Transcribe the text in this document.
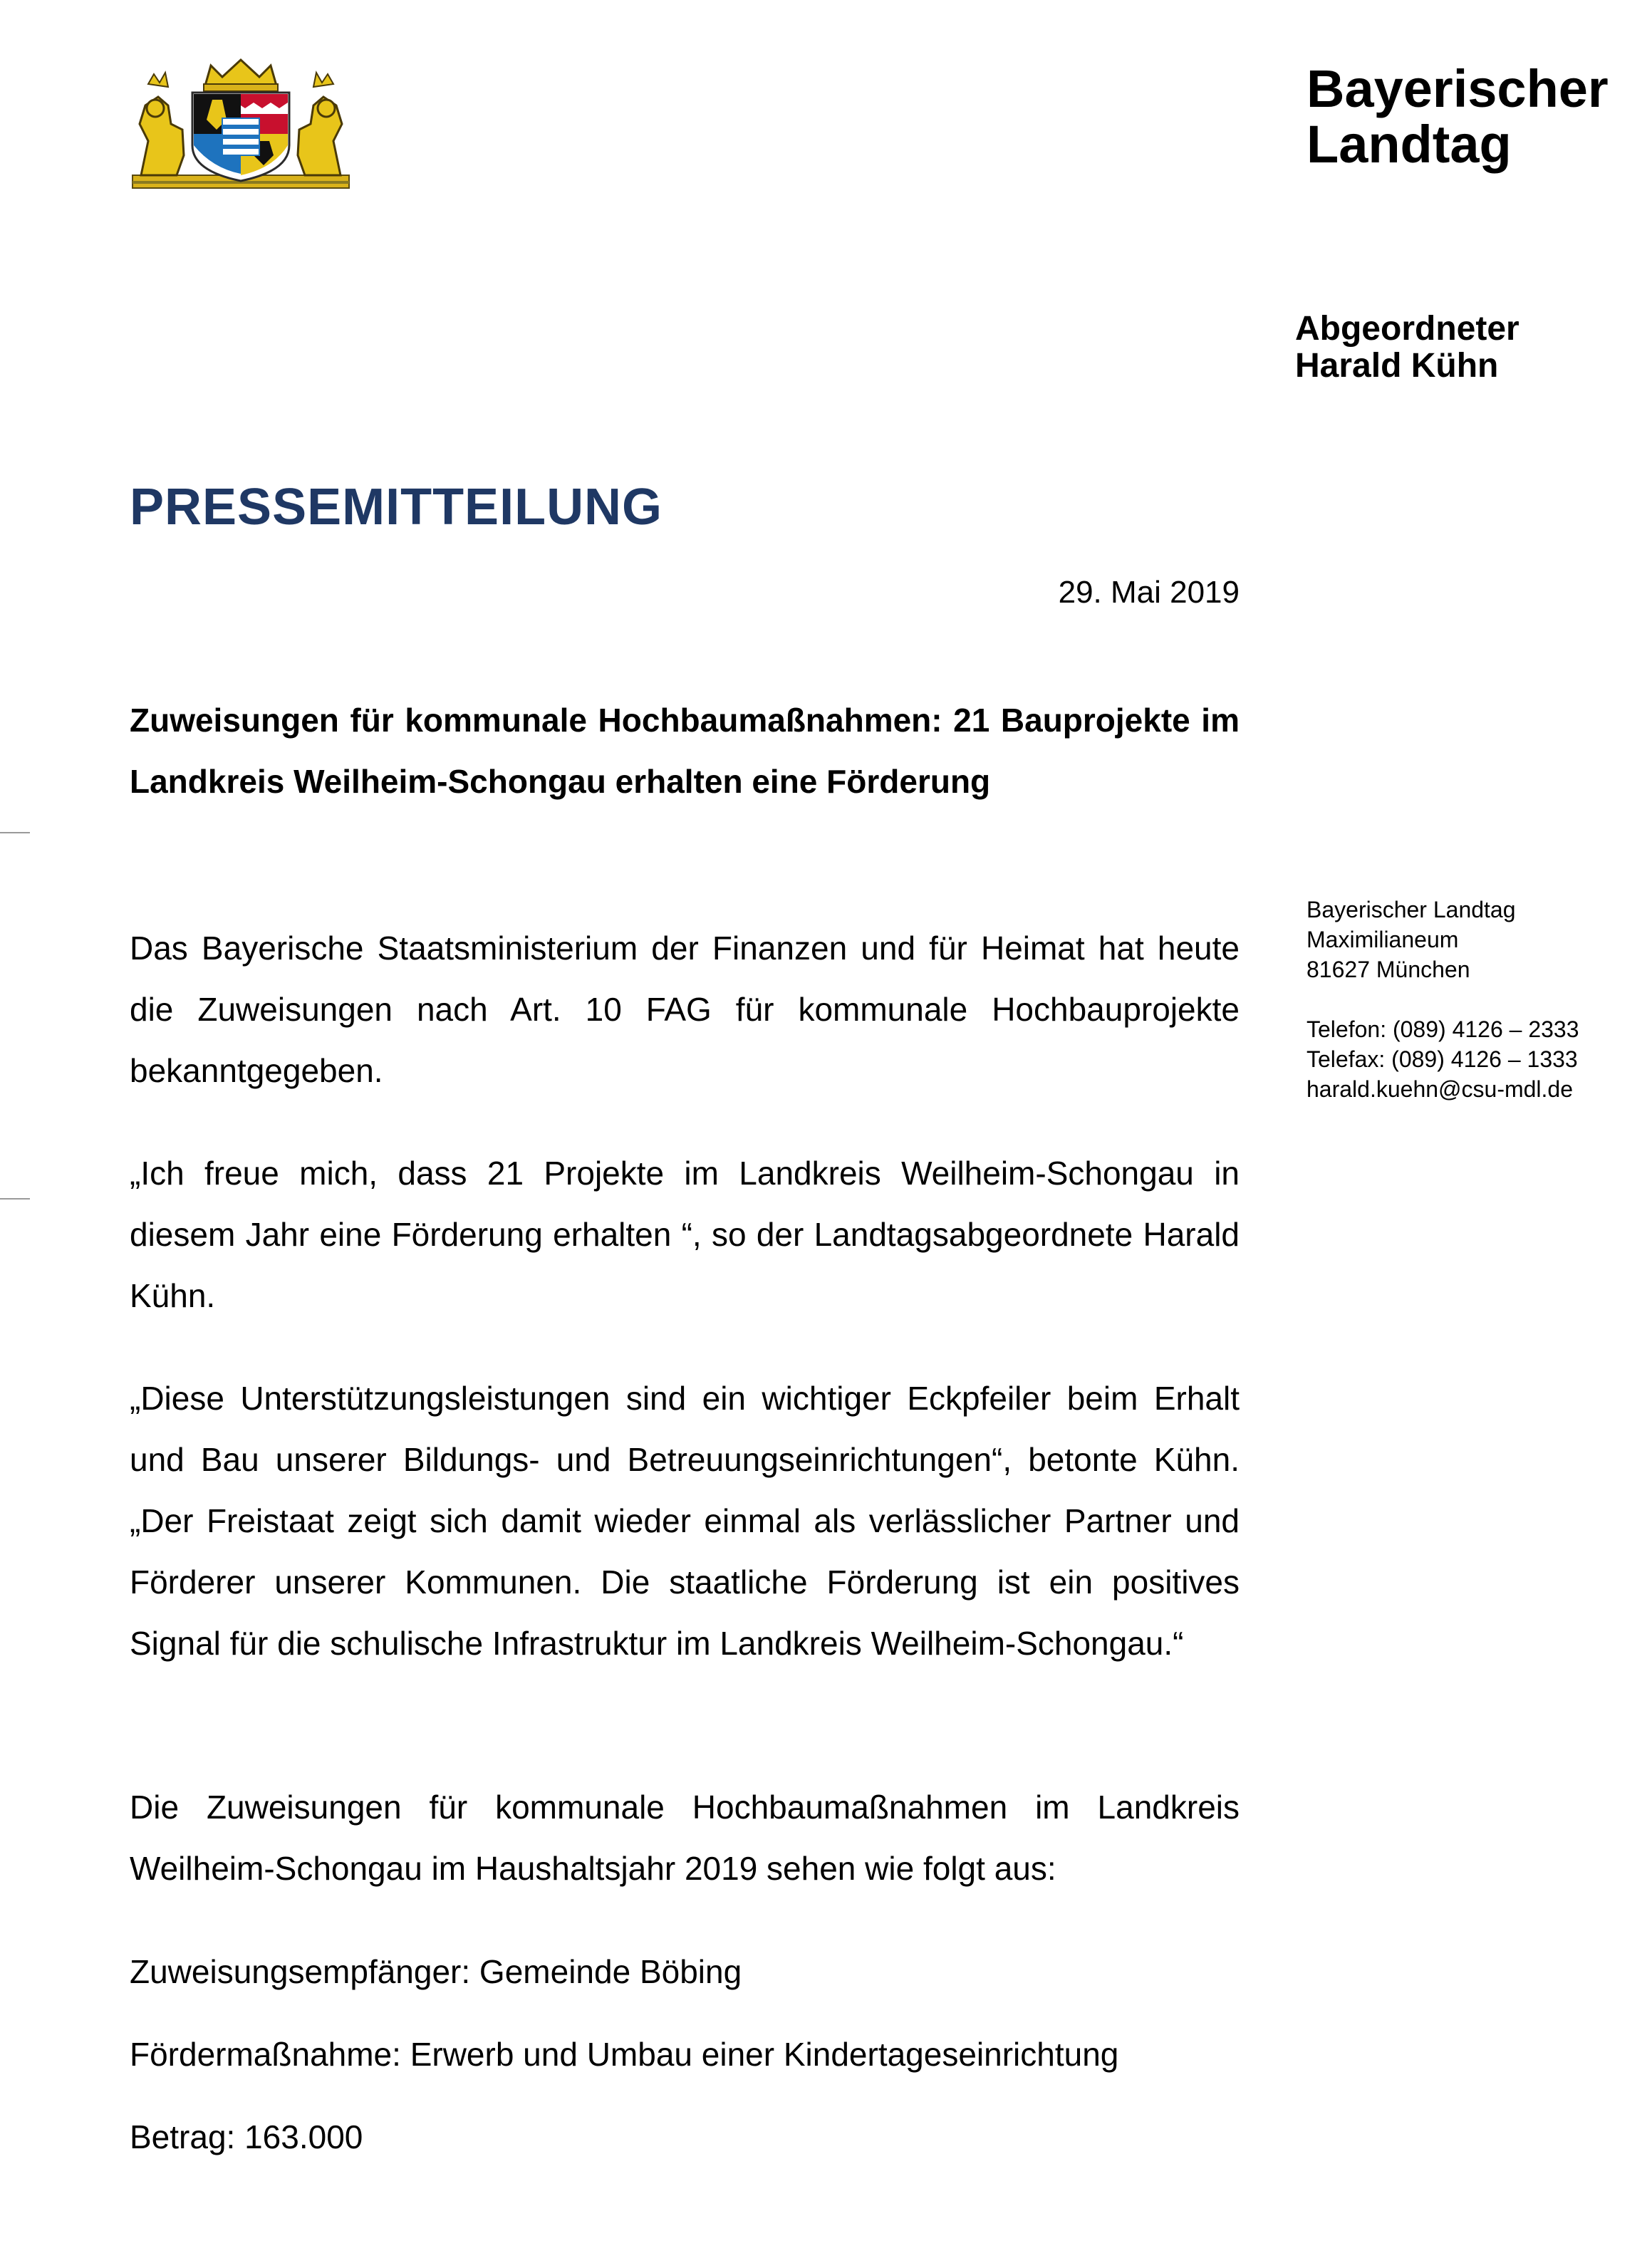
Bayerischer
Landtag
Abgeordneter
Harald Kühn
PRESSEMITTEILUNG
29. Mai 2019
Zuweisungen für kommunale Hochbaumaßnahmen: 21 Bauprojekte im Landkreis Weilheim-Schongau erhalten eine Förderung
Das Bayerische Staatsministerium der Finanzen und für Heimat hat heute die Zuweisungen nach Art. 10 FAG für kommunale Hochbauprojekte bekanntgegeben.
„Ich freue mich, dass 21 Projekte im Landkreis Weilheim-Schongau in diesem Jahr eine Förderung erhalten “, so der Landtagsabgeordnete Harald Kühn.
„Diese Unterstützungsleistungen sind ein wichtiger Eckpfeiler beim Erhalt und Bau unserer Bildungs- und Betreuungseinrichtungen“, betonte Kühn. „Der Freistaat zeigt sich damit wieder einmal als verlässlicher Partner und Förderer unserer Kommunen. Die staatliche Förderung ist ein positives Signal für die schulische Infrastruktur im Landkreis Weilheim-Schongau.“
Die Zuweisungen für kommunale Hochbaumaßnahmen im Landkreis Weilheim-Schongau im Haushaltsjahr 2019 sehen wie folgt aus:
Zuweisungsempfänger: Gemeinde Böbing
Fördermaßnahme: Erwerb und Umbau einer Kindertageseinrichtung
Betrag: 163.000
Bayerischer Landtag
Maximilianeum
81627 München
Telefon: (089) 4126 – 2333
Telefax: (089) 4126 – 1333
harald.kuehn@csu-mdl.de
